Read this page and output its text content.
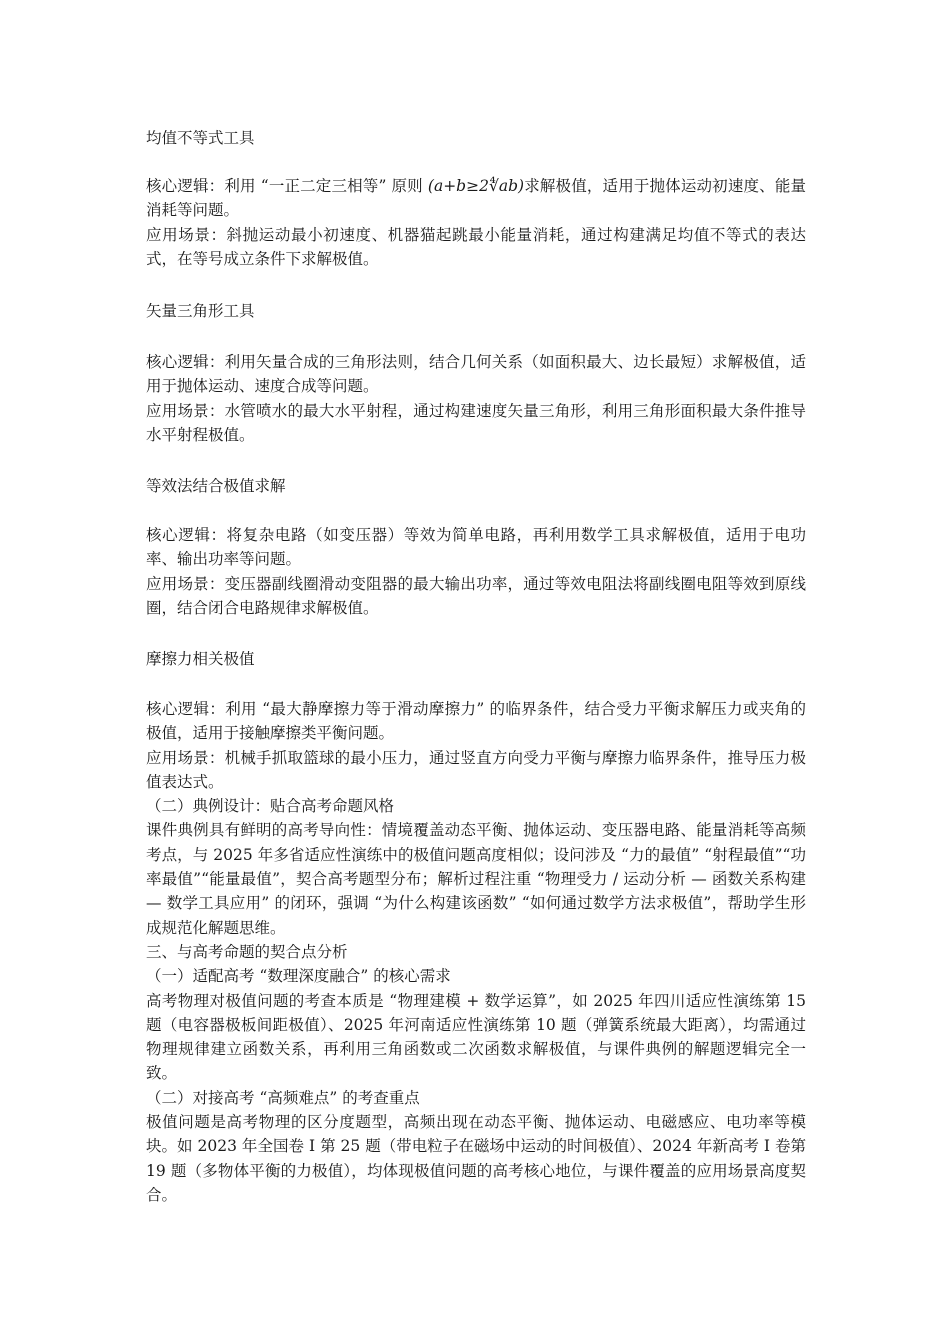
均值不等式工具

核心逻辑：利用 “一正二定三相等” 原则 (a+b≥2∜ab)求解极值，适用于抛体运动初速度、能量消耗等问题。

应用场景：斜抛运动最小初速度、机器猫起跳最小能量消耗，通过构建满足均值不等式的表达式，在等号成立条件下求解极值。

矢量三角形工具

核心逻辑：利用矢量合成的三角形法则，结合几何关系（如面积最大、边长最短）求解极值，适用于抛体运动、速度合成等问题。

应用场景：水管喷水的最大水平射程，通过构建速度矢量三角形，利用三角形面积最大条件推导水平射程极值。

等效法结合极值求解

核心逻辑：将复杂电路（如变压器）等效为简单电路，再利用数学工具求解极值，适用于电功率、输出功率等问题。

应用场景：变压器副线圈滑动变阻器的最大输出功率，通过等效电阻法将副线圈电阻等效到原线圈，结合闭合电路规律求解极值。

摩擦力相关极值

核心逻辑：利用 “最大静摩擦力等于滑动摩擦力” 的临界条件，结合受力平衡求解压力或夹角的极值，适用于接触摩擦类平衡问题。

应用场景：机械手抓取篮球的最小压力，通过竖直方向受力平衡与摩擦力临界条件，推导压力极值表达式。

（二）典例设计：贴合高考命题风格

课件典例具有鲜明的高考导向性：情境覆盖动态平衡、抛体运动、变压器电路、能量消耗等高频考点，与 2025 年多省适应性演练中的极值问题高度相似；设问涉及 “力的最值” “射程最值”“功率最值”“能量最值”，契合高考题型分布；解析过程注重 “物理受力 / 运动分析 — 函数关系构建 — 数学工具应用” 的闭环，强调 “为什么构建该函数” “如何通过数学方法求极值”，帮助学生形成规范化解题思维。

三、与高考命题的契合点分析

（一）适配高考 “数理深度融合” 的核心需求

高考物理对极值问题的考查本质是 “物理建模 + 数学运算”，如 2025 年四川适应性演练第 15 题（电容器极板间距极值）、2025 年河南适应性演练第 10 题（弹簧系统最大距离），均需通过物理规律建立函数关系，再利用三角函数或二次函数求解极值，与课件典例的解题逻辑完全一致。

（二）对接高考 “高频难点” 的考查重点

极值问题是高考物理的区分度题型，高频出现在动态平衡、抛体运动、电磁感应、电功率等模块。如 2023 年全国卷 Ⅰ 第 25 题（带电粒子在磁场中运动的时间极值）、2024 年新高考 Ⅰ 卷第 19 题（多物体平衡的力极值），均体现极值问题的高考核心地位，与课件覆盖的应用场景高度契合。
